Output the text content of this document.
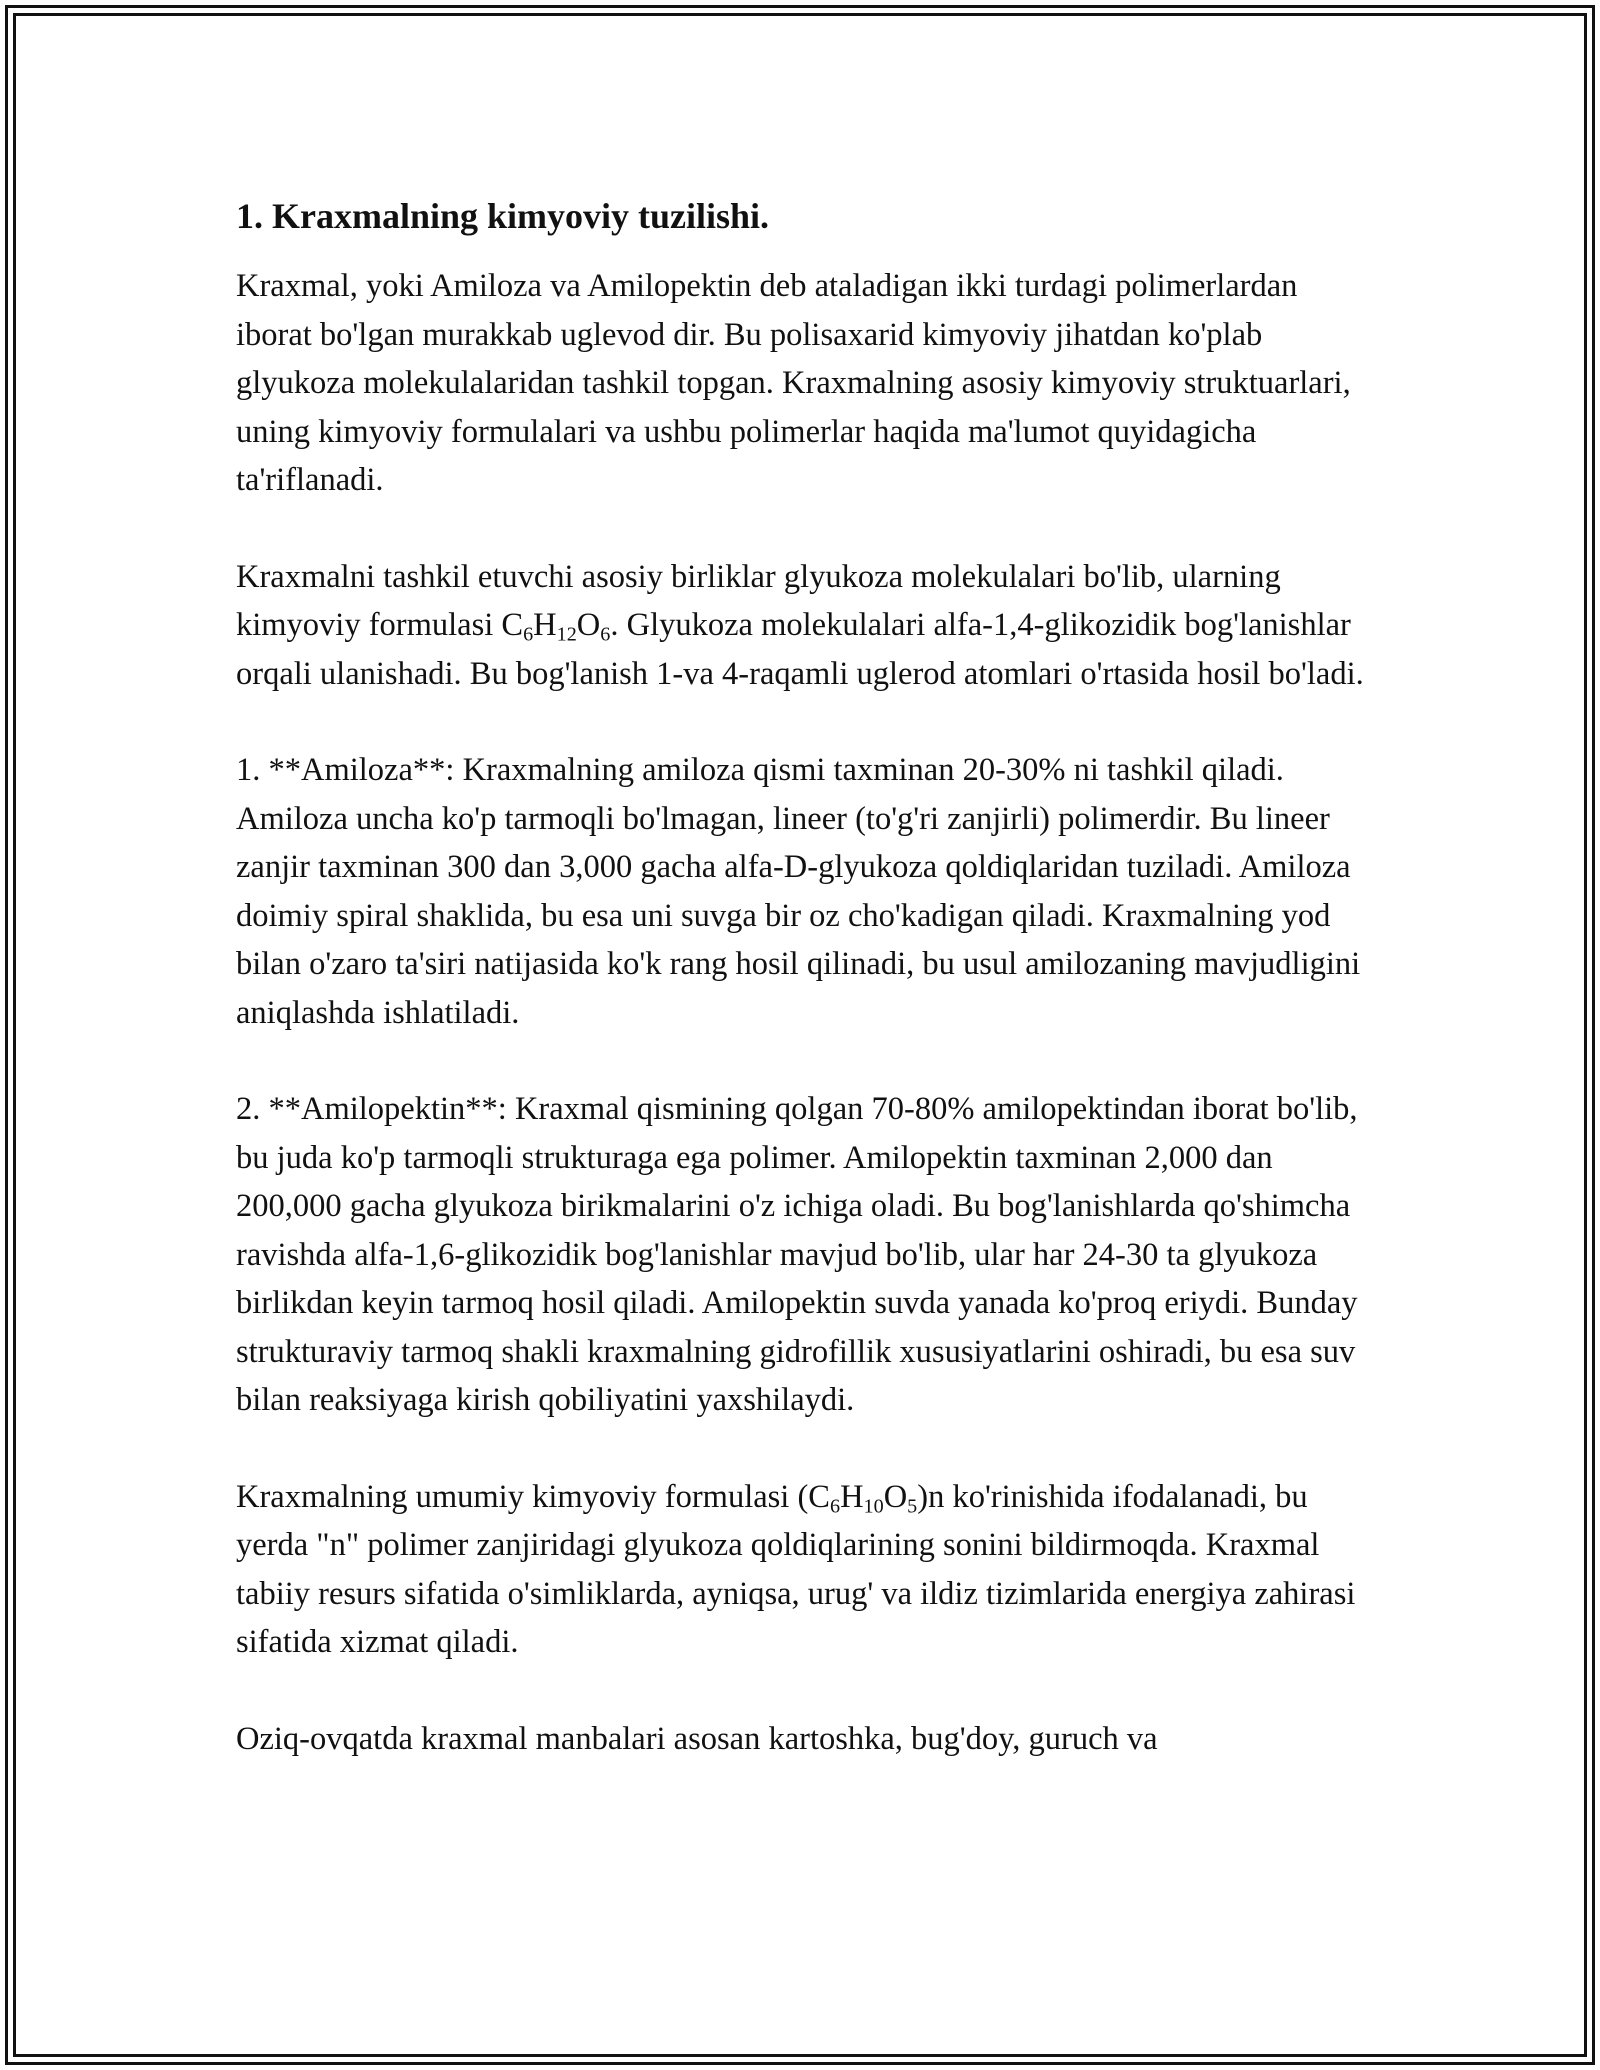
1. Kraxmalning kimyoviy tuzilishi.

Kraxmal, yoki Amiloza va Amilopektin deb ataladigan ikki turdagi polimerlardan iborat bo'lgan murakkab uglevod dir. Bu polisaxarid kimyoviy jihatdan ko'plab glyukoza molekulalaridan tashkil topgan. Kraxmalning asosiy kimyoviy struktuarlari, uning kimyoviy formulalari va ushbu polimerlar haqida ma'lumot quyidagicha ta'riflanadi.

Kraxmalni tashkil etuvchi asosiy birliklar glyukoza molekulalari bo'lib, ularning kimyoviy formulasi $C_6H_{12}O_6$. Glyukoza molekulalari alfa-1,4-glikozidik bog'lanishlar orqali ulanishadi. Bu bog'lanish 1-va 4-raqamli uglerod atomlari o'rtasida hosil bo'ladi.

1. **Amiloza**: Kraxmalning amiloza qismi taxminan 20-30% ni tashkil qiladi. Amiloza uncha ko'p tarmoqli bo'lmagan, lineer (to'g'ri zanjirli) polimerdir. Bu lineer zanjir taxminan 300 dan 3,000 gacha alfa-D-glyukoza qoldiqlaridan tuziladi. Amiloza doimiy spiral shaklida, bu esa uni suvga bir oz cho'kadigan qiladi. Kraxmalning yod bilan o'zaro ta'siri natijasida ko'k rang hosil qilinadi, bu usul amilozaning mavjudligini aniqlashda ishlatiladi.

2. **Amilopektin**: Kraxmal qismining qolgan 70-80% amilopektindan iborat bo'lib, bu juda ko'p tarmoqli strukturaga ega polimer. Amilopektin taxminan 2,000 dan 200,000 gacha glyukoza birikmalarini o'z ichiga oladi. Bu bog'lanishlarda qo'shimcha ravishda alfa-1,6-glikozidik bog'lanishlar mavjud bo'lib, ular har 24-30 ta glyukoza birlikdan keyin tarmoq hosil qiladi. Amilopektin suvda yanada ko'proq eriydi. Bunday strukturaviy tarmoq shakli kraxmalning gidrofillik xususiyatlarini oshiradi, bu esa suv bilan reaksiyaga kirish qobiliyatini yaxshilaydi.

Kraxmalning umumiy kimyoviy formulasi $(C_6H_{10}O_5)n$ ko'rinishida ifodalanadi, bu yerda "n" polimer zanjiridagi glyukoza qoldiqlarining sonini bildirmoqda. Kraxmal tabiiy resurs sifatida o'simliklarda, ayniqsa, urug' va ildiz tizimlarida energiya zahirasi sifatida xizmat qiladi.

Oziq-ovqatda kraxmal manbalari asosan kartoshka, bug'doy, guruch va
